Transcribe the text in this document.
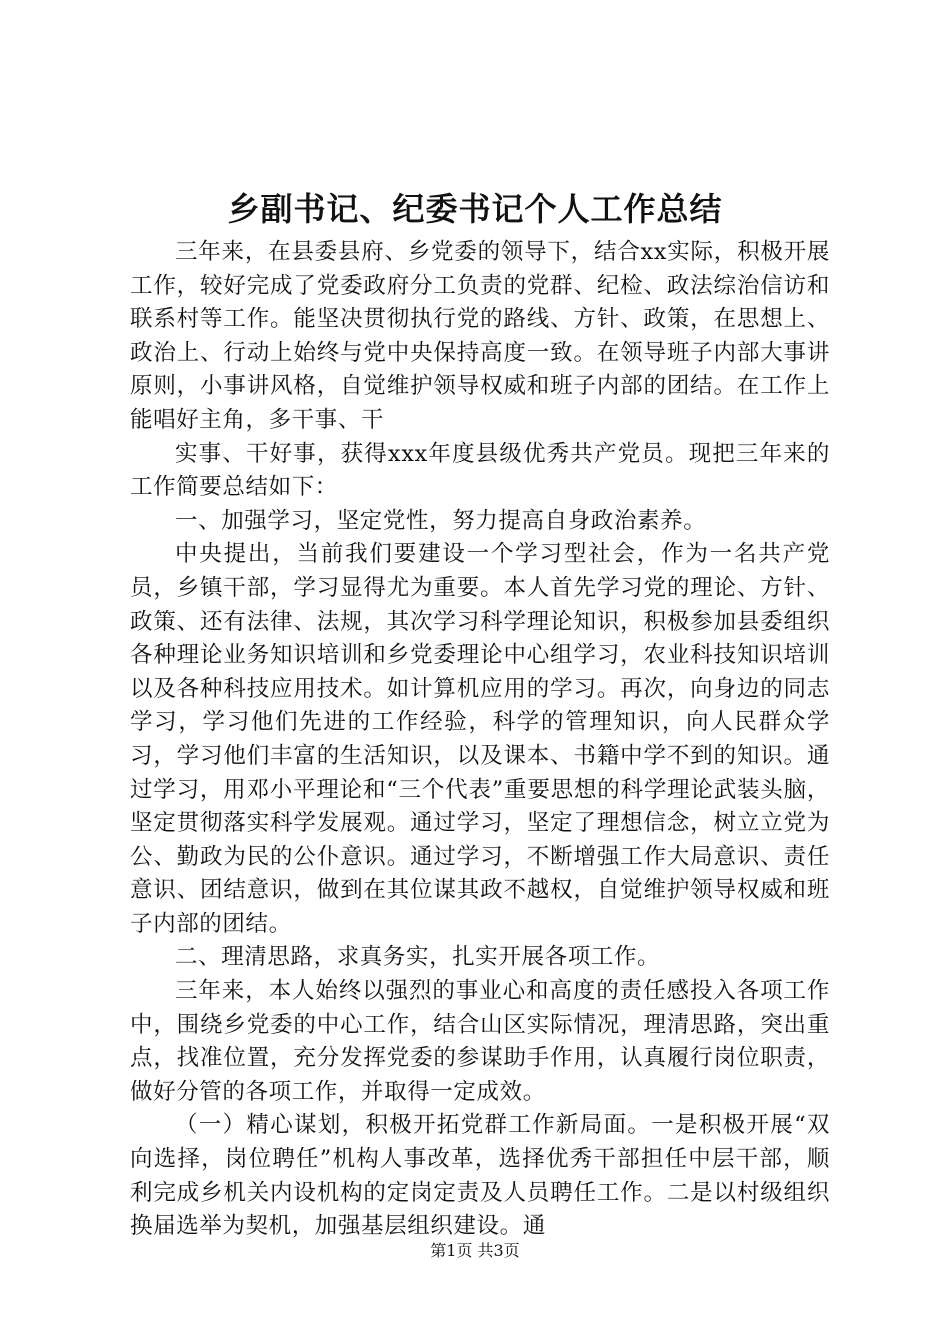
乡副书记、纪委书记个人工作总结

三年来，在县委县府、乡党委的领导下，结合xx实际，积极开展工作，较好完成了党委政府分工负责的党群、纪检、政法综治信访和联系村等工作。能坚决贯彻执行党的路线、方针、政策，在思想上、政治上、行动上始终与党中央保持高度一致。在领导班子内部大事讲原则，小事讲风格，自觉维护领导权威和班子内部的团结。在工作上能唱好主角，多干事、干

实事、干好事，获得xxx年度县级优秀共产党员。现把三年来的工作简要总结如下：

一、加强学习，坚定党性，努力提高自身政治素养。

中央提出，当前我们要建设一个学习型社会，作为一名共产党员，乡镇干部，学习显得尤为重要。本人首先学习党的理论、方针、政策、还有法律、法规，其次学习科学理论知识，积极参加县委组织各种理论业务知识培训和乡党委理论中心组学习，农业科技知识培训以及各种科技应用技术。如计算机应用的学习。再次，向身边的同志学习，学习他们先进的工作经验，科学的管理知识，向人民群众学习，学习他们丰富的生活知识，以及课本、书籍中学不到的知识。通过学习，用邓小平理论和“三个代表”重要思想的科学理论武装头脑，坚定贯彻落实科学发展观。通过学习，坚定了理想信念，树立立党为公、勤政为民的公仆意识。通过学习，不断增强工作大局意识、责任意识、团结意识，做到在其位谋其政不越权，自觉维护领导权威和班子内部的团结。

二、理清思路，求真务实，扎实开展各项工作。

三年来，本人始终以强烈的事业心和高度的责任感投入各项工作中，围绕乡党委的中心工作，结合山区实际情况，理清思路，突出重点，找准位置，充分发挥党委的参谋助手作用，认真履行岗位职责，做好分管的各项工作，并取得一定成效。

（一）精心谋划，积极开拓党群工作新局面。一是积极开展“双向选择，岗位聘任”机构人事改革，选择优秀干部担任中层干部，顺利完成乡机关内设机构的定岗定责及人员聘任工作。二是以村级组织换届选举为契机，加强基层组织建设。通

第1页 共3页
